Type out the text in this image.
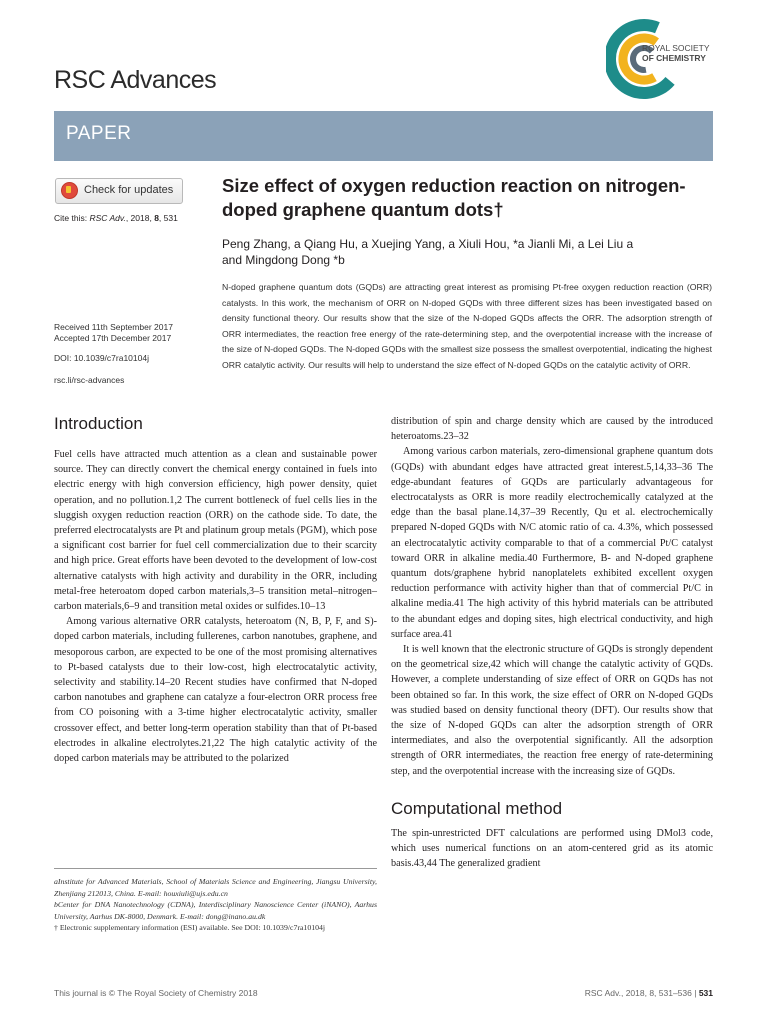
RSC Advances
ROYAL SOCIETY
OF CHEMISTRY
PAPER
Check for updates
Cite this: RSC Adv., 2018, 8, 531
Size effect of oxygen reduction reaction on nitrogen-doped graphene quantum dots†
Peng Zhang, a Qiang Hu, a Xuejing Yang, a Xiuli Hou, *a Jianli Mi, a Lei Liu a
and Mingdong Dong *b
N-doped graphene quantum dots (GQDs) are attracting great interest as promising Pt-free oxygen reduction reaction (ORR) catalysts. In this work, the mechanism of ORR on N-doped GQDs with three different sizes has been investigated based on density functional theory. Our results show that the size of the N-doped GQDs affects the ORR. The adsorption strength of ORR intermediates, the reaction free energy of the rate-determining step, and the overpotential increase with the increase of the size of N-doped GQDs. The N-doped GQDs with the smallest size possess the smallest overpotential, indicating the highest ORR catalytic activity. Our results will help to understand the size effect of N-doped GQDs on the catalytic activity of ORR.
Received 11th September 2017
Accepted 17th December 2017
DOI: 10.1039/c7ra10104j
rsc.li/rsc-advances
Introduction

Fuel cells have attracted much attention as a clean and sustainable power source. They can directly convert the chemical energy contained in fuels into electric energy with high conversion efficiency, high power density, quiet operation, and no pollution.1,2 The current bottleneck of fuel cells lies in the sluggish oxygen reduction reaction (ORR) on the cathode side. To date, the preferred electrocatalysts are Pt and platinum group metals (PGM), which pose a significant cost barrier for fuel cell commercialization due to their scarcity and high price. Great efforts have been devoted to the development of low-cost alternative catalysts with high activity and durability in the ORR, including metal-free heteroatom doped carbon materials,3–5 transition metal–nitrogen–carbon materials,6–9 and transition metal oxides or sulfides.10–13

Among various alternative ORR catalysts, heteroatom (N, B, P, F, and S)-doped carbon materials, including fullerenes, carbon nanotubes, graphene, and mesoporous carbon, are expected to be one of the most promising alternatives to Pt-based catalysts due to their low-cost, high electrocatalytic activity, selectivity and stability.14–20 Recent studies have confirmed that N-doped carbon nanotubes and graphene can catalyze a four-electron ORR process free from CO poisoning with a 3-time higher electrocatalytic activity, smaller crossover effect, and better long-term operation stability than that of Pt-based electrodes in alkaline electrolytes.21,22 The high catalytic activity of the doped carbon materials may be attributed to the polarized

distribution of spin and charge density which are caused by the introduced heteroatoms.23–32

Among various carbon materials, zero-dimensional graphene quantum dots (GQDs) with abundant edges have attracted great interest.5,14,33–36 The edge-abundant features of GQDs are particularly advantageous for electrocatalysts as ORR is more readily electrochemically catalyzed at the edge than the basal plane.14,37–39 Recently, Qu et al. electrochemically prepared N-doped GQDs with N/C atomic ratio of ca. 4.3%, which possessed an electrocatalytic activity comparable to that of a commercial Pt/C catalyst toward ORR in alkaline media.40 Furthermore, B- and N-doped graphene quantum dots/graphene hybrid nanoplatelets exhibited excellent oxygen reduction performance with activity higher than that of commercial Pt/C in alkaline media.41 The high activity of this hybrid materials can be attributed to the abundant edges and doping sites, high electrical conductivity, and high surface area.41

It is well known that the electronic structure of GQDs is strongly dependent on the geometrical size,42 which will change the catalytic activity of GQDs. However, a complete understanding of size effect of ORR on GQDs has not been obtained so far. In this work, the size effect of ORR on N-doped GQDs was studied based on density functional theory (DFT). Our results show that the size of N-doped GQDs can alter the adsorption strength of ORR intermediates, and also the overpotential significantly. All the adsorption strength of ORR intermediates, the reaction free energy of rate-determining step, and the overpotential increase with the increasing size of GQDs.

Computational method

The spin-unrestricted DFT calculations are performed using DMol3 code, which uses numerical functions on an atom-centered grid as its atomic basis.43,44 The generalized gradient

aInstitute for Advanced Materials, School of Materials Science and Engineering, Jiangsu University, Zhenjiang 212013, China. E-mail: houxiuli@ujs.edu.cn
bCenter for DNA Nanotechnology (CDNA), Interdisciplinary Nanoscience Center (iNANO), Aarhus University, Aarhus DK-8000, Denmark. E-mail: dong@inano.au.dk
† Electronic supplementary information (ESI) available. See DOI: 10.1039/c7ra10104j
This journal is © The Royal Society of Chemistry 2018	RSC Adv., 2018, 8, 531–536 | 531
